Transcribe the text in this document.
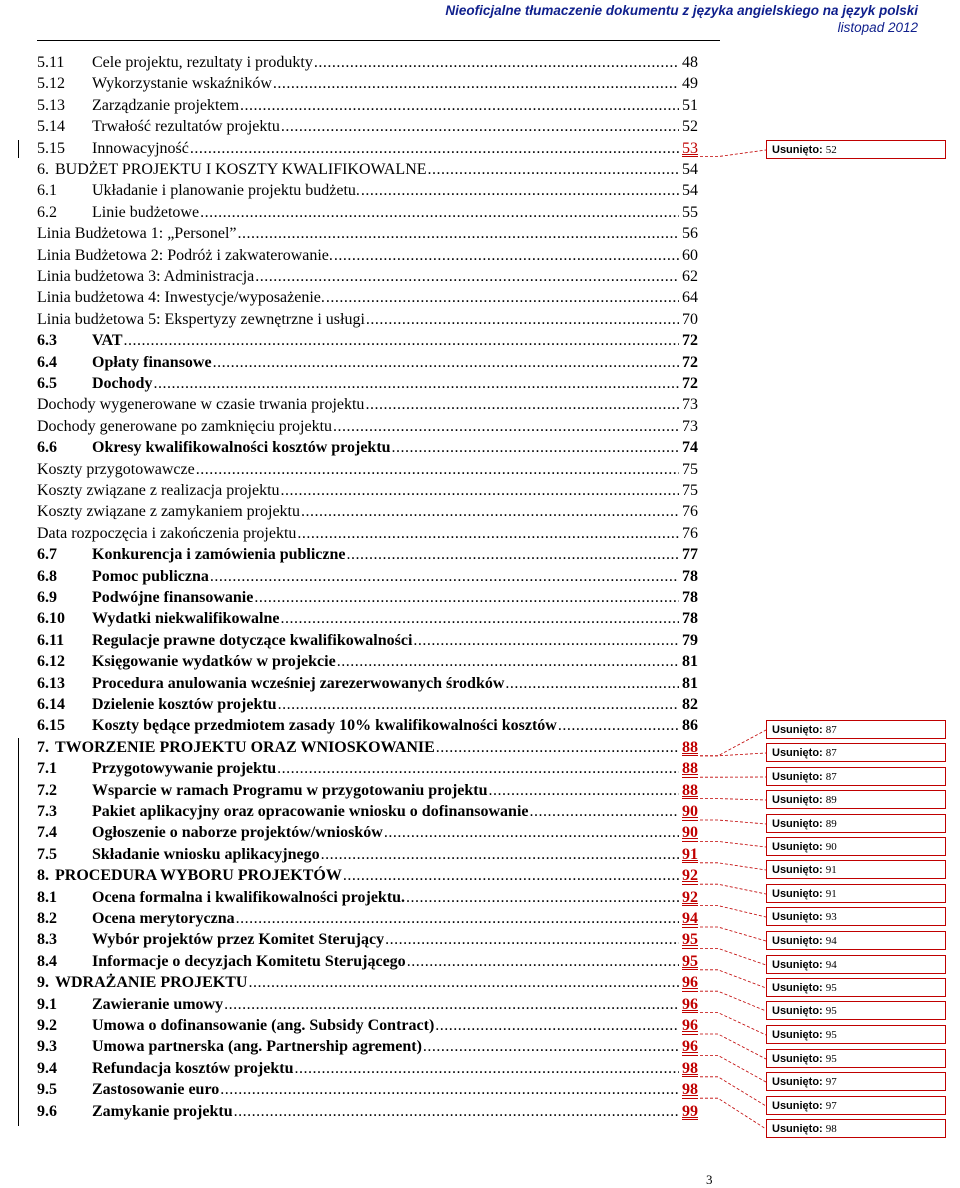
Nieoficjalne tłumaczenie dokumentu z języka angielskiego na język polski
listopad 2012
5.11	Cele projektu, rezultaty i produkty .....	48
5.12	Wykorzystanie wskaźników .....	49
5.13	Zarządzanie projektem .....	51
5.14	Trwałość rezultatów projektu .....	52
5.15	Innowacyjność .....	53
6. BUDŻET PROJEKTU I KOSZTY KWALIFIKOWALNE .....	54
6.1	Układanie i planowanie projektu budżetu. .....	54
6.2	Linie budżetowe .....	55
Linia Budżetowa 1: „Personel” .....	56
Linia Budżetowa 2: Podróż i zakwaterowanie. .....	60
Linia budżetowa 3: Administracja .....	62
Linia budżetowa 4: Inwestycje/wyposażenie. .....	64
Linia budżetowa 5: Ekspertyzy zewnętrzne i usługi .....	70
6.3	VAT .....	72
6.4	Opłaty finansowe .....	72
6.5	Dochody .....	72
Dochody wygenerowane w czasie trwania projektu .....	73
Dochody generowane po zamknięciu projektu .....	73
6.6	Okresy kwalifikowalności kosztów projektu .....	74
Koszty przygotowawcze .....	75
Koszty związane z realizacja projektu .....	75
Koszty związane z zamykaniem projektu .....	76
Data rozpoczęcia i zakończenia projektu .....	76
6.7	Konkurencja i zamówienia publiczne .....	77
6.8	Pomoc publiczna .....	78
6.9	Podwójne finansowanie .....	78
6.10	Wydatki niekwalifikowalne .....	78
6.11	Regulacje prawne dotyczące kwalifikowalności .....	79
6.12	Księgowanie wydatków w projekcie .....	81
6.13	Procedura anulowania wcześniej zarezerwowanych środków .....	81
6.14	Dzielenie kosztów projektu .....	82
6.15	Koszty będące przedmiotem zasady 10% kwalifikowalności kosztów .....	86
7. TWORZENIE PROJEKTU ORAZ WNIOSKOWANIE .....	88
7.1	Przygotowywanie projektu .....	88
7.2	Wsparcie w ramach Programu w przygotowaniu projektu .....	88
7.3	Pakiet aplikacyjny oraz opracowanie wniosku o dofinansowanie .....	90
7.4	Ogłoszenie o naborze projektów/wniosków .....	90
7.5	Składanie wniosku aplikacyjnego .....	91
8. PROCEDURA WYBORU PROJEKTÓW .....	92
8.1	Ocena formalna i kwalifikowalności projektu. .....	92
8.2	Ocena merytoryczna .....	94
8.3	Wybór projektów przez Komitet Sterujący .....	95
8.4	Informacje o decyzjach Komitetu Sterującego .....	95
9. WDRAŻANIE PROJEKTU .....	96
9.1	Zawieranie umowy .....	96
9.2	Umowa o dofinansowanie (ang. Subsidy Contract) .....	96
9.3	Umowa partnerska (ang. Partnership agrement) .....	96
9.4	Refundacja kosztów projektu .....	98
9.5	Zastosowanie euro .....	98
9.6	Zamykanie projektu .....	99
Usunięto: 52
Usunięto: 87
Usunięto: 87
Usunięto: 87
Usunięto: 89
Usunięto: 89
Usunięto: 90
Usunięto: 91
Usunięto: 91
Usunięto: 93
Usunięto: 94
Usunięto: 94
Usunięto: 95
Usunięto: 95
Usunięto: 95
Usunięto: 95
Usunięto: 97
Usunięto: 97
Usunięto: 98
3
